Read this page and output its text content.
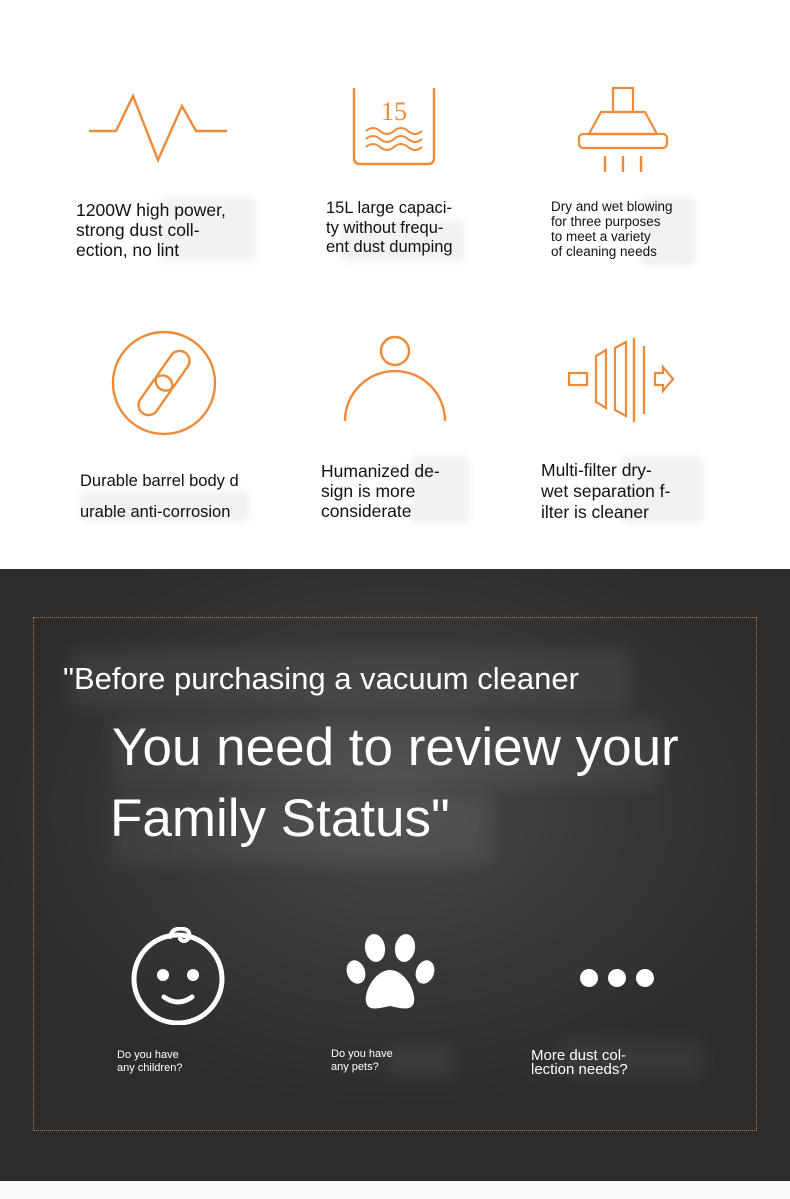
1200W high power,
strong dust coll-
ection, no lint
15
15L large capaci-
ty without frequ-
ent dust dumping
Dry and wet blowing
for three purposes
to meet a variety
of cleaning needs
Durable barrel body d
urable anti-corrosion
Humanized de-
sign is more
considerate
Multi-filter dry-
wet separation f-
ilter is cleaner
"Before purchasing a vacuum cleaner
You need to review your
Family Status"
Do you have
any children?
Do you have
any pets?
More dust col-
lection needs?
